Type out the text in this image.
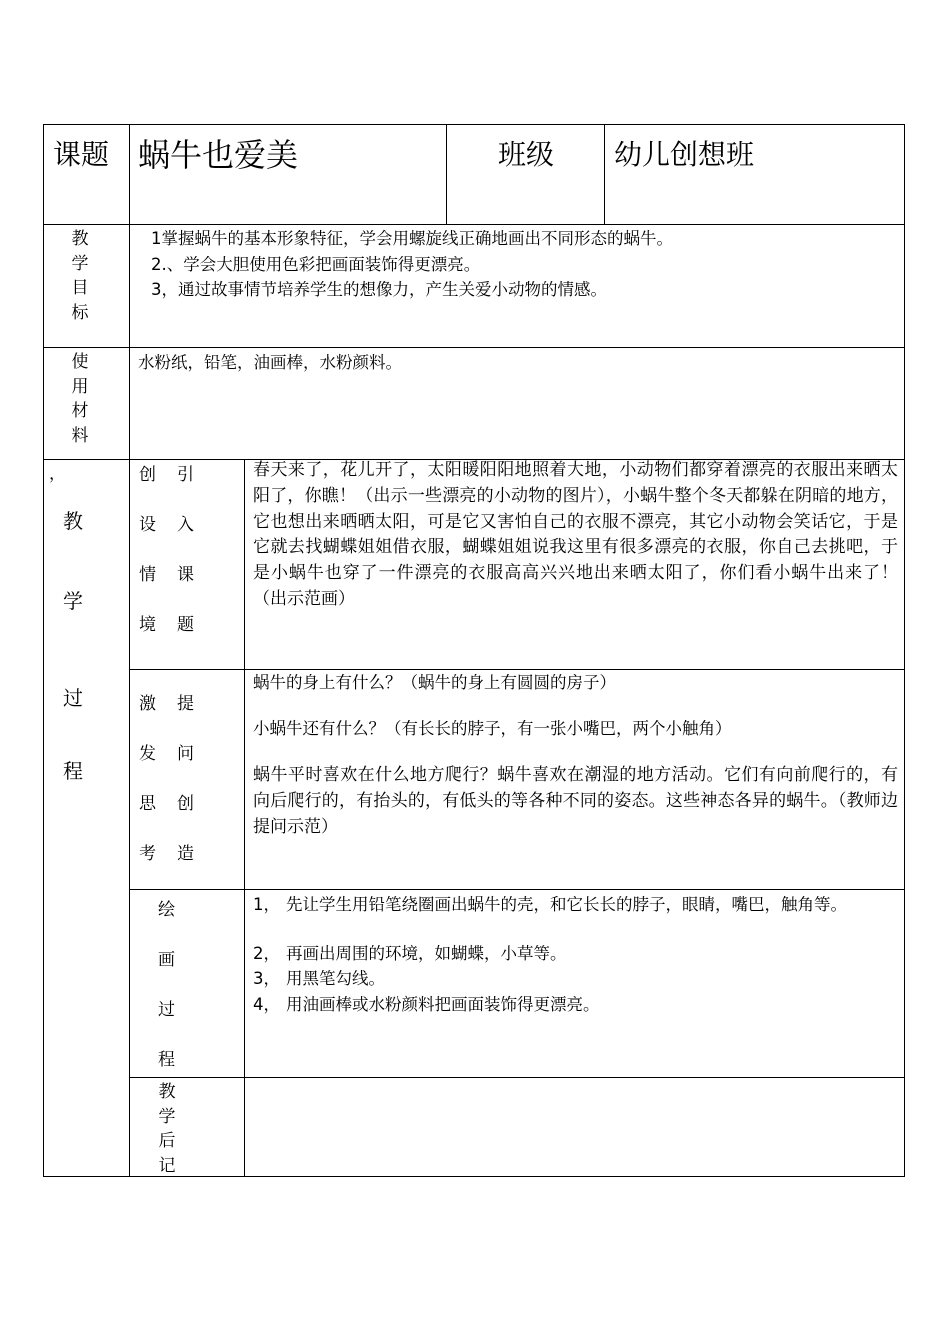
课题 蜗牛也爱美	班级 幼儿创想班
教
学
目
标
1掌握蜗牛的基本形象特征，学会用螺旋线正确地画出不同形态的蜗牛。
2.、学会大胆使用色彩把画面装饰得更漂亮。
3，通过故事情节培养学生的想像力，产生关爱小动物的情感。
使
用
材
料
水粉纸，铅笔，油画棒，水粉颜料。
，
教
学
过
程
创
设
情
境
引
入
课
题
春天来了，花儿开了，太阳暖阳阳地照着大地，小动物们都穿着漂亮的衣服出来晒太阳了，你瞧！（出示一些漂亮的小动物的图片），小蜗牛整个冬天都躲在阴暗的地方，它也想出来晒晒太阳，可是它又害怕自己的衣服不漂亮，其它小动物会笑话它，于是它就去找蝴蝶姐姐借衣服，蝴蝶姐姐说我这里有很多漂亮的衣服，你自己去挑吧，于是小蜗牛也穿了一件漂亮的衣服高高兴兴地出来晒太阳了，你们看小蜗牛出来了！（出示范画）
激
发
思
考
提
问
创
造
蜗牛的身上有什么？（蜗牛的身上有圆圆的房子）
小蜗牛还有什么？（有长长的脖子，有一张小嘴巴，两个小触角）
蜗牛平时喜欢在什么地方爬行？蜗牛喜欢在潮湿的地方活动。它们有向前爬行的，有向后爬行的，有抬头的，有低头的等各种不同的姿态。这些神态各异的蜗牛。（教师边提问示范）
绘
画
过
程
1， 先让学生用铅笔绕圈画出蜗牛的壳，和它长长的脖子，眼睛，嘴巴，触角等。
2， 再画出周围的环境，如蝴蝶，小草等。
3， 用黑笔勾线。
4， 用油画棒或水粉颜料把画面装饰得更漂亮。
教
学
后
记
